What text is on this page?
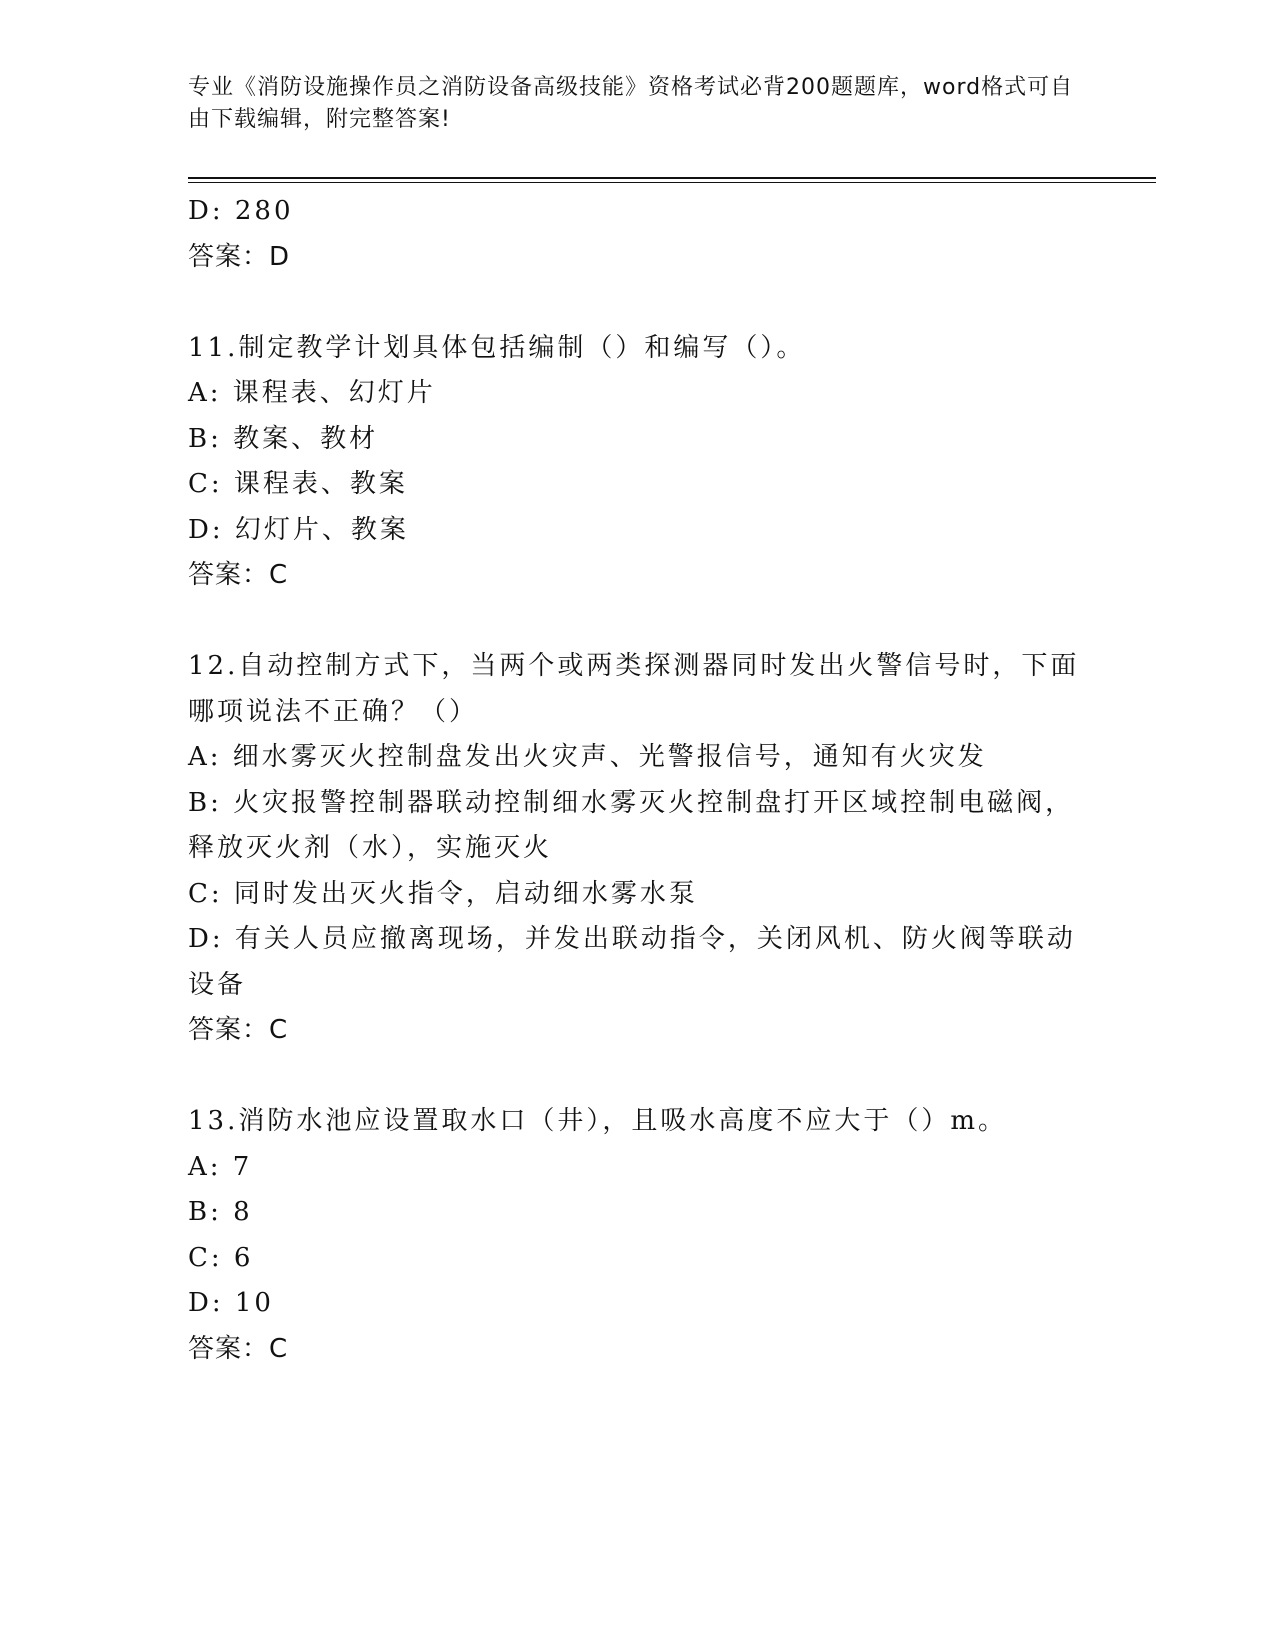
专业《消防设施操作员之消防设备高级技能》资格考试必背200题题库，word格式可自由下载编辑，附完整答案!
D: 280
答案：D
11.制定教学计划具体包括编制（）和编写（）。
A: 课程表、幻灯片
B: 教案、教材
C: 课程表、教案
D: 幻灯片、教案
答案：C
12.自动控制方式下，当两个或两类探测器同时发出火警信号时，下面哪项说法不正确？（）
A: 细水雾灭火控制盘发出火灾声、光警报信号，通知有火灾发
B: 火灾报警控制器联动控制细水雾灭火控制盘打开区域控制电磁阀，释放灭火剂（水），实施灭火
C: 同时发出灭火指令，启动细水雾水泵
D: 有关人员应撤离现场，并发出联动指令，关闭风机、防火阀等联动设备
答案：C
13.消防水池应设置取水口（井），且吸水高度不应大于（）m。
A: 7
B: 8
C: 6
D: 10
答案：C
